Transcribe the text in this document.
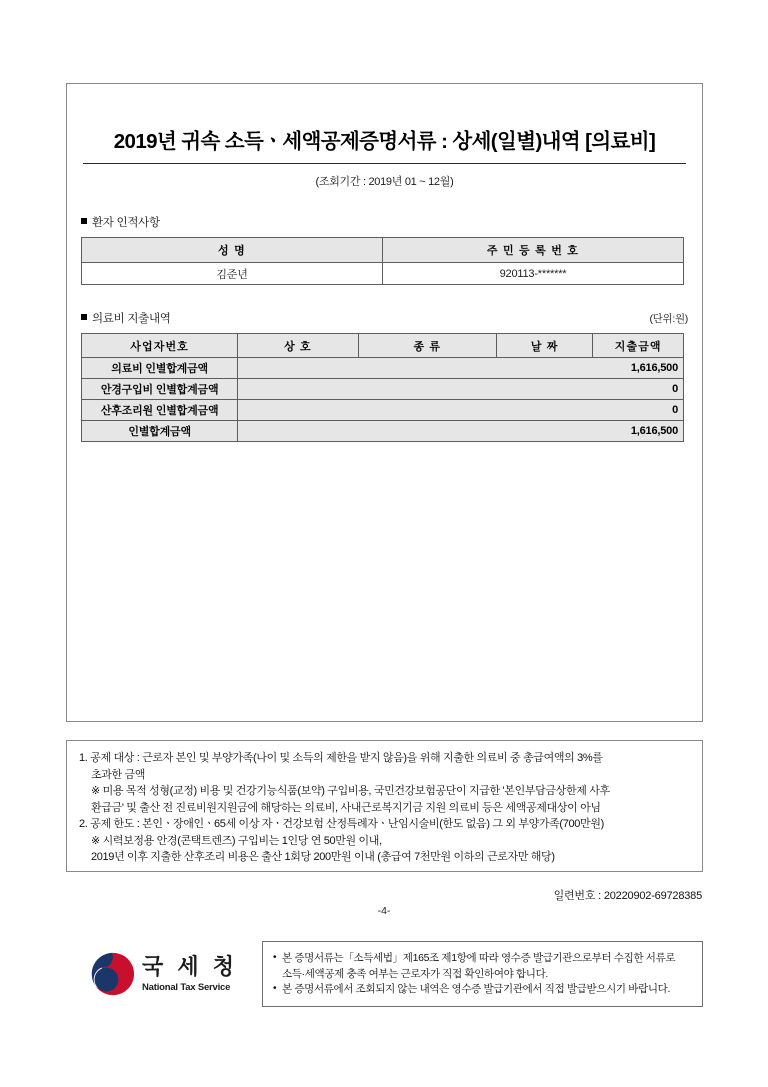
2019년 귀속 소득ㆍ세액공제증명서류 : 상세(일별)내역 [의료비]
(조회기간 : 2019년 01 ~ 12월)
환자 인적사항
성 명	주 민 등 록 번 호
김준년	920113-*******
의료비 지출내역	(단위:원)
사업자번호	상 호	종 류	날 짜	지출금액
의료비 인별합계금액	1,616,500			
안경구입비 인별합계금액	0			
산후조리원 인별합계금액	0			
인별합계금액	1,616,500			
1. 공제 대상 : 근로자 본인 및 부양가족(나이 및 소득의 제한을 받지 않음)을 위해 지출한 의료비 중 총급여액의 3%를
초과한 금액
※ 미용 목적 성형(교정) 비용 및 건강기능식품(보약) 구입비용, 국민건강보험공단이 지급한 '본인부담금상한제 사후
환급금' 및 출산 전 진료비원지원금에 해당하는 의료비, 사내근로복지기금 지원 의료비 등은 세액공제대상이 아님
2. 공제 한도 : 본인ㆍ장애인ㆍ65세 이상 자ㆍ건강보험 산정특례자ㆍ난임시술비(한도 없음) 그 외 부양가족(700만원)
※ 시력보정용 안경(콘택트렌즈) 구입비는 1인당 연 50만원 이내,
2019년 이후 지출한 산후조리 비용은 출산 1회당 200만원 이내 (총급여 7천만원 이하의 근로자만 해당)
일련번호 : 20220902-69728385
-4-
국 세 청
National Tax Service
• 본 증명서류는「소득세법」제165조 제1항에 따라 영수증 발급기관으로부터 수집한 서류로
소득·세액공제 충족 여부는 근로자가 직접 확인하여야 합니다.
• 본 증명서류에서 조회되지 않는 내역은 영수증 발급기관에서 직접 발급받으시기 바랍니다.
